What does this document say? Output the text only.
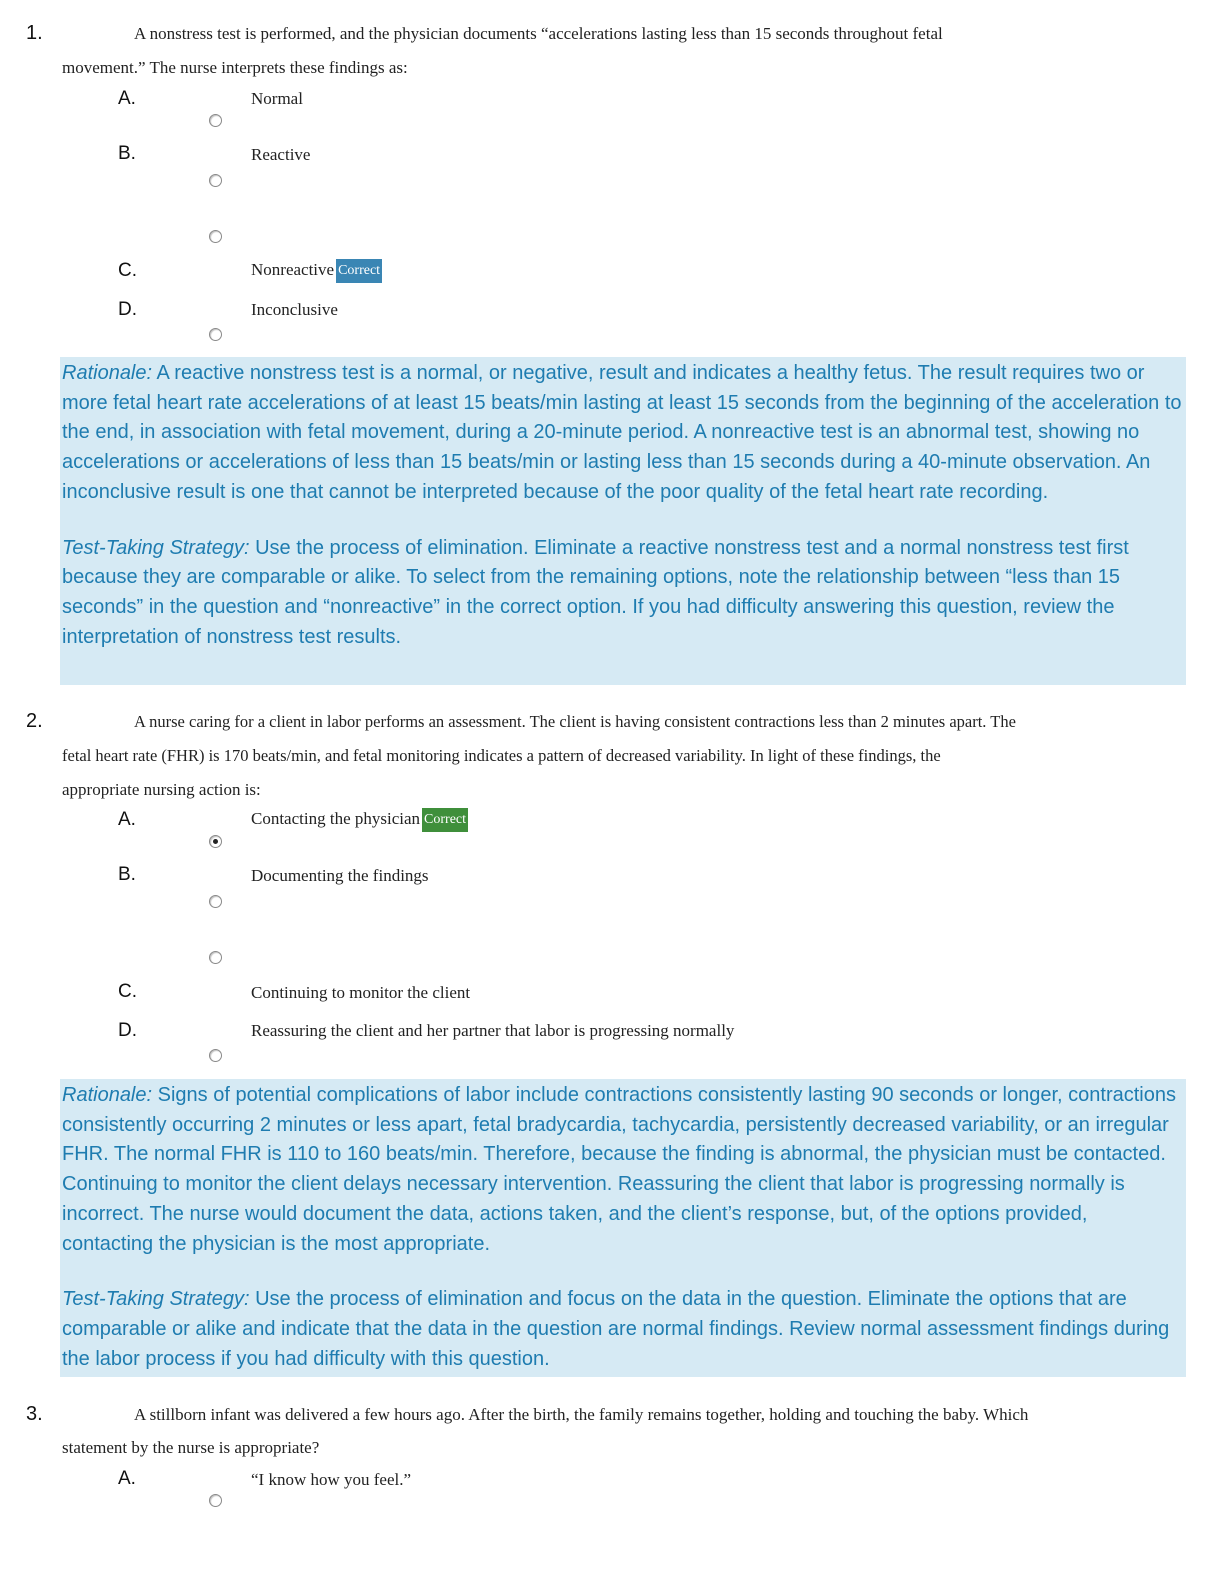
1.	A nonstress test is performed, and the physician documents “accelerations lasting less than 15 seconds throughout fetal
movement.” The nurse interprets these findings as:
A.	Normal
B.	Reactive
C.	Nonreactive Correct
D.	Inconclusive

Rationale: A reactive nonstress test is a normal, or negative, result and indicates a healthy fetus. The result requires two or more fetal heart rate accelerations of at least 15 beats/min lasting at least 15 seconds from the beginning of the acceleration to the end, in association with fetal movement, during a 20-minute period. A nonreactive test is an abnormal test, showing no accelerations or accelerations of less than 15 beats/min or lasting less than 15 seconds during a 40-minute observation. An inconclusive result is one that cannot be interpreted because of the poor quality of the fetal heart rate recording.

Test-Taking Strategy: Use the process of elimination. Eliminate a reactive nonstress test and a normal nonstress test first because they are comparable or alike. To select from the remaining options, note the relationship between “less than 15 seconds” in the question and “nonreactive” in the correct option. If you had difficulty answering this question, review the interpretation of nonstress test results.

2.	A nurse caring for a client in labor performs an assessment. The client is having consistent contractions less than 2 minutes apart. The
fetal heart rate (FHR) is 170 beats/min, and fetal monitoring indicates a pattern of decreased variability. In light of these findings, the
appropriate nursing action is:
A.	Contacting the physician Correct
B.	Documenting the findings
C.	Continuing to monitor the client
D.	Reassuring the client and her partner that labor is progressing normally

Rationale: Signs of potential complications of labor include contractions consistently lasting 90 seconds or longer, contractions consistently occurring 2 minutes or less apart, fetal bradycardia, tachycardia, persistently decreased variability, or an irregular FHR. The normal FHR is 110 to 160 beats/min. Therefore, because the finding is abnormal, the physician must be contacted. Continuing to monitor the client delays necessary intervention. Reassuring the client that labor is progressing normally is incorrect. The nurse would document the data, actions taken, and the client’s response, but, of the options provided, contacting the physician is the most appropriate.

Test-Taking Strategy: Use the process of elimination and focus on the data in the question. Eliminate the options that are comparable or alike and indicate that the data in the question are normal findings. Review normal assessment findings during the labor process if you had difficulty with this question.

3.	A stillborn infant was delivered a few hours ago. After the birth, the family remains together, holding and touching the baby. Which
statement by the nurse is appropriate?
A.	“I know how you feel.”
